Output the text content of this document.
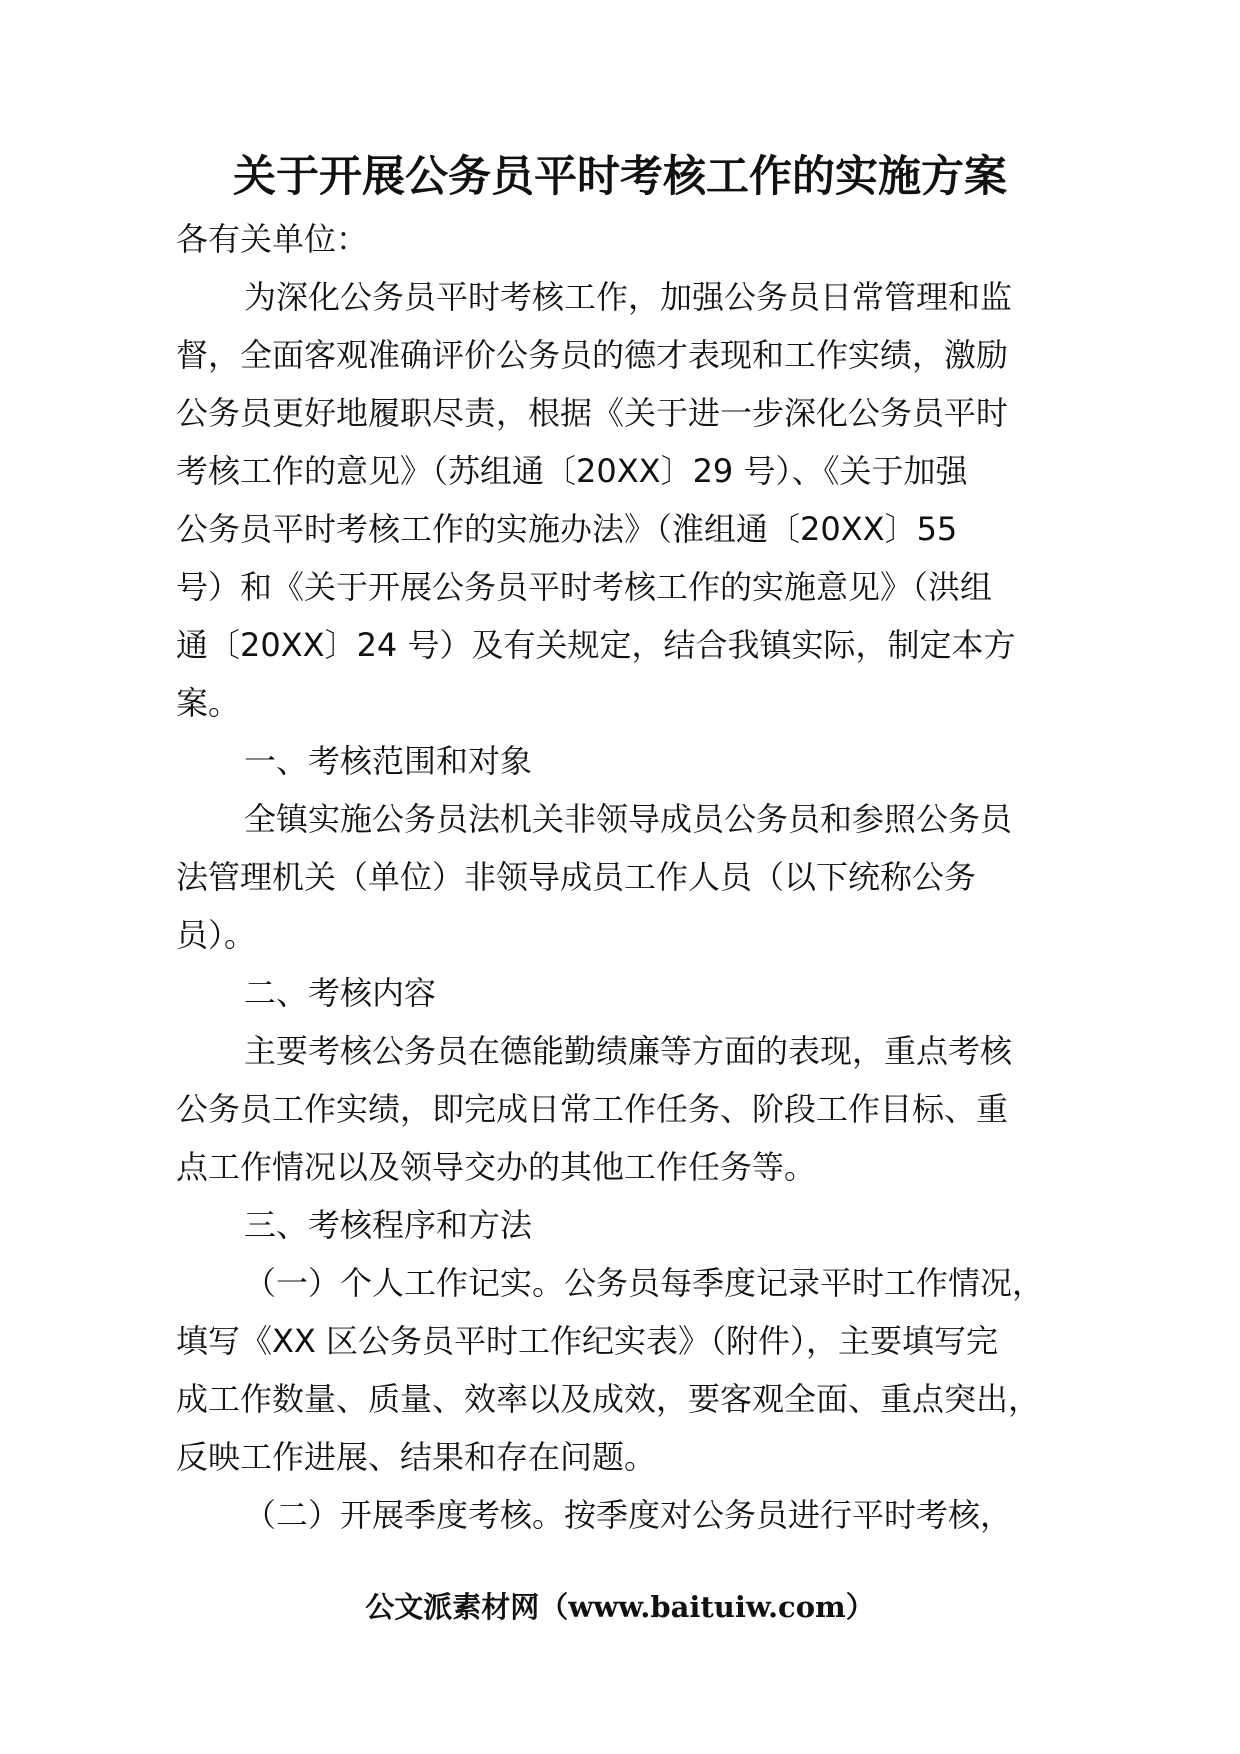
关于开展公务员平时考核工作的实施方案
各有关单位：
为深化公务员平时考核工作，加强公务员日常管理和监
督，全面客观准确评价公务员的德才表现和工作实绩，激励
公务员更好地履职尽责，根据《关于进一步深化公务员平时
考核工作的意见》（苏组通〔20XX〕29 号）、《关于加强
公务员平时考核工作的实施办法》（淮组通〔20XX〕55
号）和《关于开展公务员平时考核工作的实施意见》（洪组
通〔20XX〕24 号）及有关规定，结合我镇实际，制定本方
案。
一、考核范围和对象
全镇实施公务员法机关非领导成员公务员和参照公务员
法管理机关（单位）非领导成员工作人员（以下统称公务
员）。
二、考核内容
主要考核公务员在德能勤绩廉等方面的表现，重点考核
公务员工作实绩，即完成日常工作任务、阶段工作目标、重
点工作情况以及领导交办的其他工作任务等。
三、考核程序和方法
（一）个人工作记实。公务员每季度记录平时工作情况，
填写《XX 区公务员平时工作纪实表》（附件），主要填写完
成工作数量、质量、效率以及成效，要客观全面、重点突出，
反映工作进展、结果和存在问题。
（二）开展季度考核。按季度对公务员进行平时考核，
公文派素材网（www.baituiw.com）
